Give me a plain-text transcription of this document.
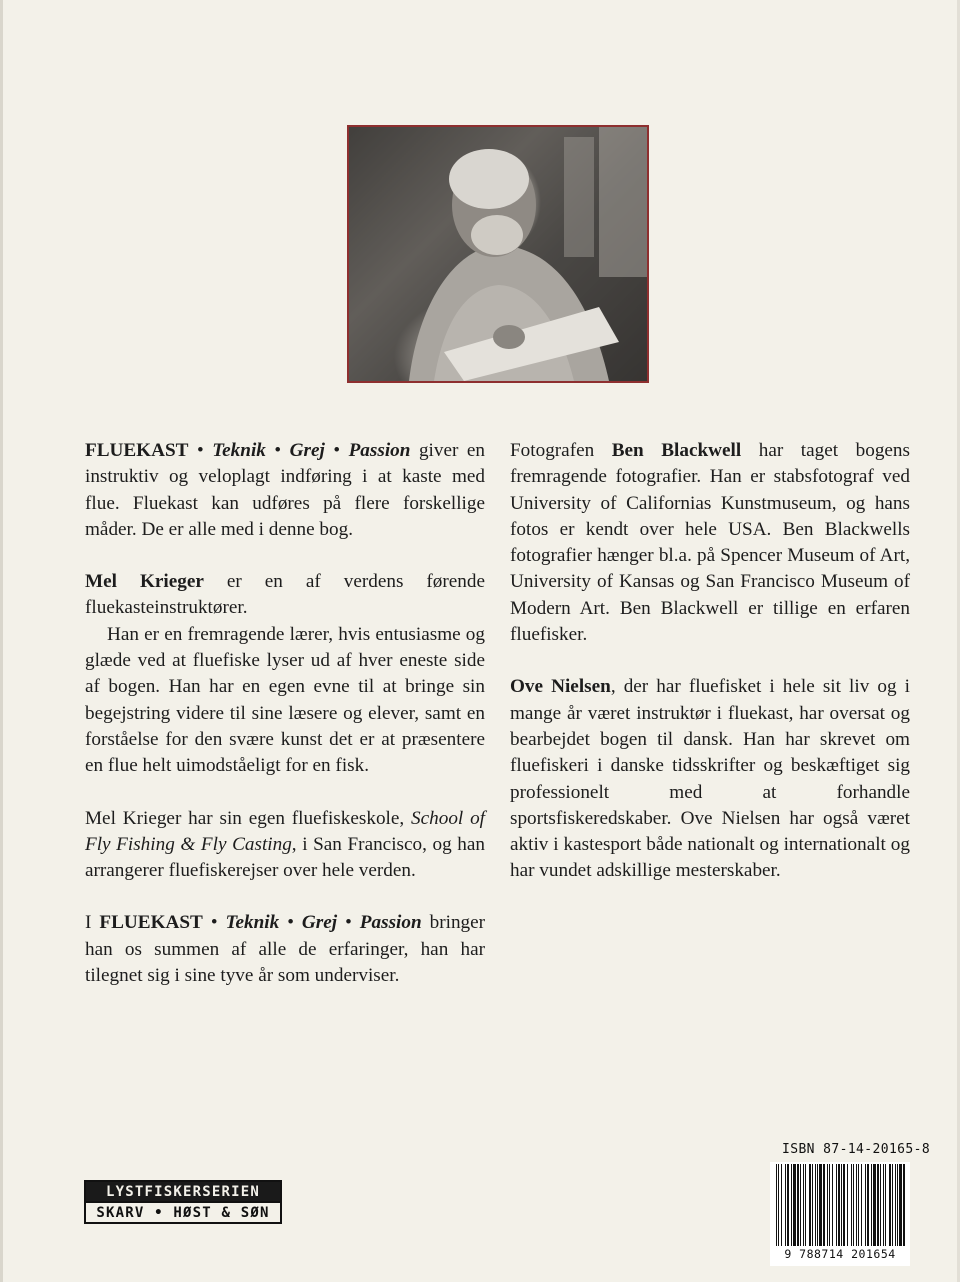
FLUEKAST • Teknik • Grej • Passion giver en instruktiv og veloplagt indføring i at kaste med flue. Fluekast kan udføres på flere forskellige måder. De er alle med i denne bog.

Mel Krieger er en af verdens førende fluekasteinstruktører.

Han er en fremragende lærer, hvis entusiasme og glæde ved at fluefiske lyser ud af hver eneste side af bogen. Han har en egen evne til at bringe sin begejstring videre til sine læsere og elever, samt en forståelse for den svære kunst det er at præsentere en flue helt uimodståeligt for en fisk.

Mel Krieger har sin egen fluefiskeskole, School of Fly Fishing & Fly Casting, i San Francisco, og han arrangerer fluefiskerejser over hele verden.

I FLUEKAST • Teknik • Grej • Passion bringer han os summen af alle de erfaringer, han har tilegnet sig i sine tyve år som underviser.

Fotografen Ben Blackwell har taget bogens fremragende fotografier. Han er stabsfotograf ved University of Californias Kunstmuseum, og hans fotos er kendt over hele USA. Ben Blackwells fotografier hænger bl.a. på Spencer Museum of Art, University of Kansas og San Francisco Museum of Modern Art. Ben Blackwell er tillige en erfaren fluefisker.

Ove Nielsen, der har fluefisket i hele sit liv og i mange år været instruktør i fluekast, har oversat og bearbejdet bogen til dansk. Han har skrevet om fluefiskeri i danske tidsskrifter og beskæftiget sig professionelt med at forhandle sportsfiskeredskaber. Ove Nielsen har også været aktiv i kastesport både nationalt og internationalt og har vundet adskillige mesterskaber.

LYSTFISKERSERIEN
SKARV • HØST & SØN
ISBN 87-14-20165-8
9 788714 201654
